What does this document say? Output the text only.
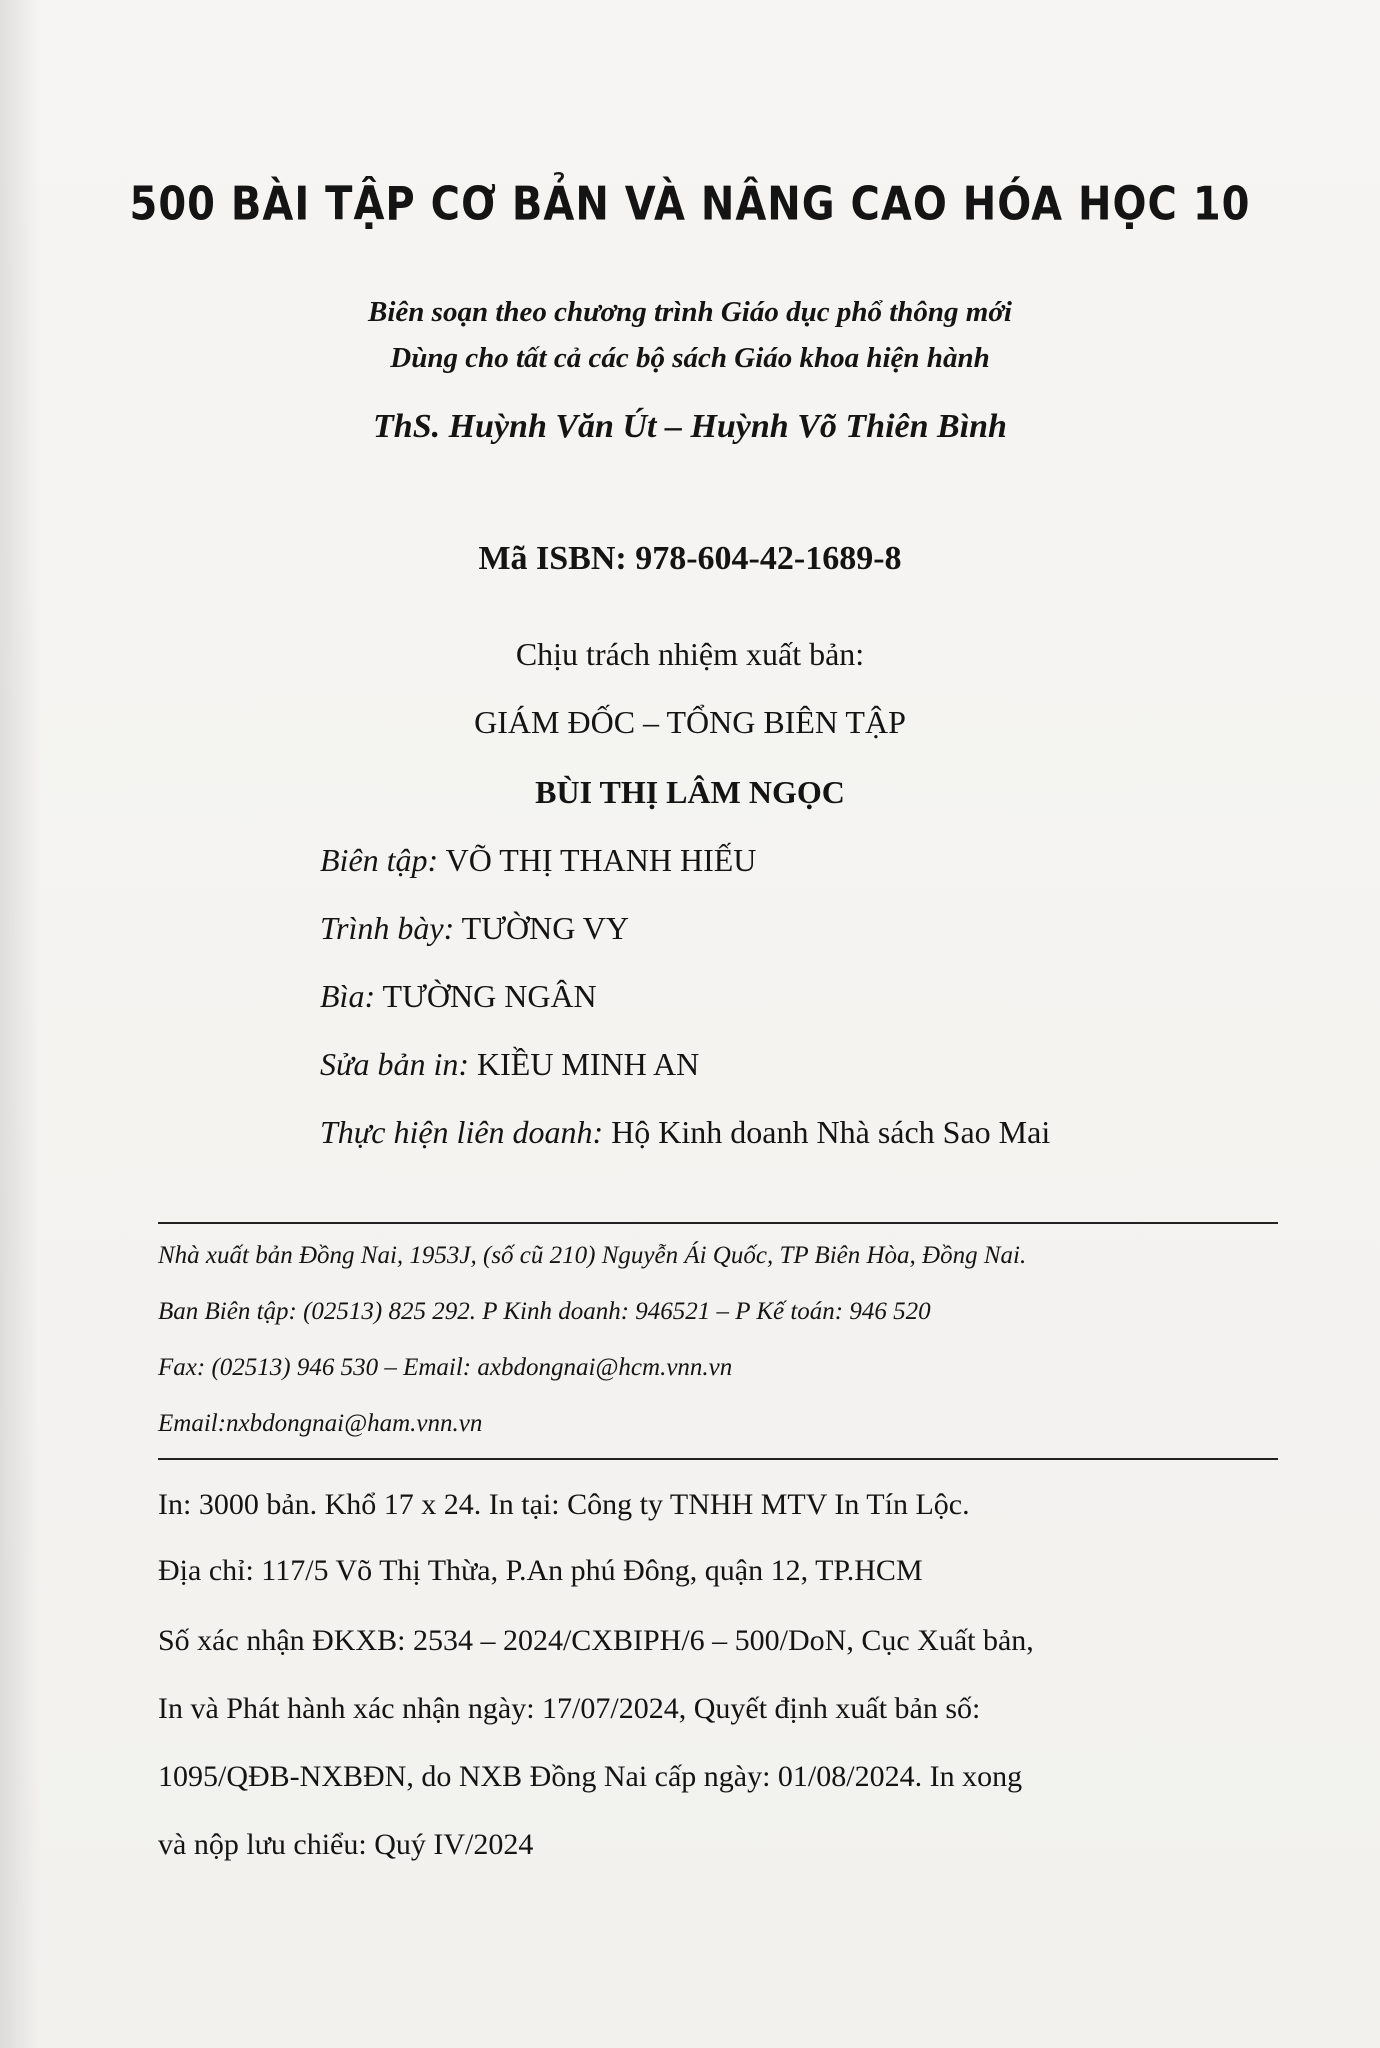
500 BÀI TẬP CƠ BẢN VÀ NÂNG CAO HÓA HỌC 10
Biên soạn theo chương trình Giáo dục phổ thông mới
Dùng cho tất cả các bộ sách Giáo khoa hiện hành
ThS. Huỳnh Văn Út – Huỳnh Võ Thiên Bình
Mã ISBN: 978-604-42-1689-8
Chịu trách nhiệm xuất bản:
GIÁM ĐỐC – TỔNG BIÊN TẬP
BÙI THỊ LÂM NGỌC
Biên tập: VÕ THỊ THANH HIẾU
Trình bày: TƯỜNG VY
Bìa: TƯỜNG NGÂN
Sửa bản in: KIỀU MINH AN
Thực hiện liên doanh: Hộ Kinh doanh Nhà sách Sao Mai
Nhà xuất bản Đồng Nai, 1953J, (số cũ 210) Nguyễn Ái Quốc, TP Biên Hòa, Đồng Nai.
Ban Biên tập: (02513) 825 292. P Kinh doanh: 946521 – P Kế toán: 946 520
Fax: (02513) 946 530 – Email: axbdongnai@hcm.vnn.vn
Email:nxbdongnai@ham.vnn.vn
In: 3000 bản. Khổ 17 x 24. In tại: Công ty TNHH MTV In Tín Lộc.
Địa chỉ: 117/5 Võ Thị Thừa, P.An phú Đông, quận 12, TP.HCM
Số xác nhận ĐKXB: 2534 – 2024/CXBIPH/6 – 500/DoN, Cục Xuất bản,
In và Phát hành xác nhận ngày: 17/07/2024, Quyết định xuất bản số:
1095/QĐB-NXBĐN, do NXB Đồng Nai cấp ngày: 01/08/2024. In xong
và nộp lưu chiểu: Quý IV/2024
